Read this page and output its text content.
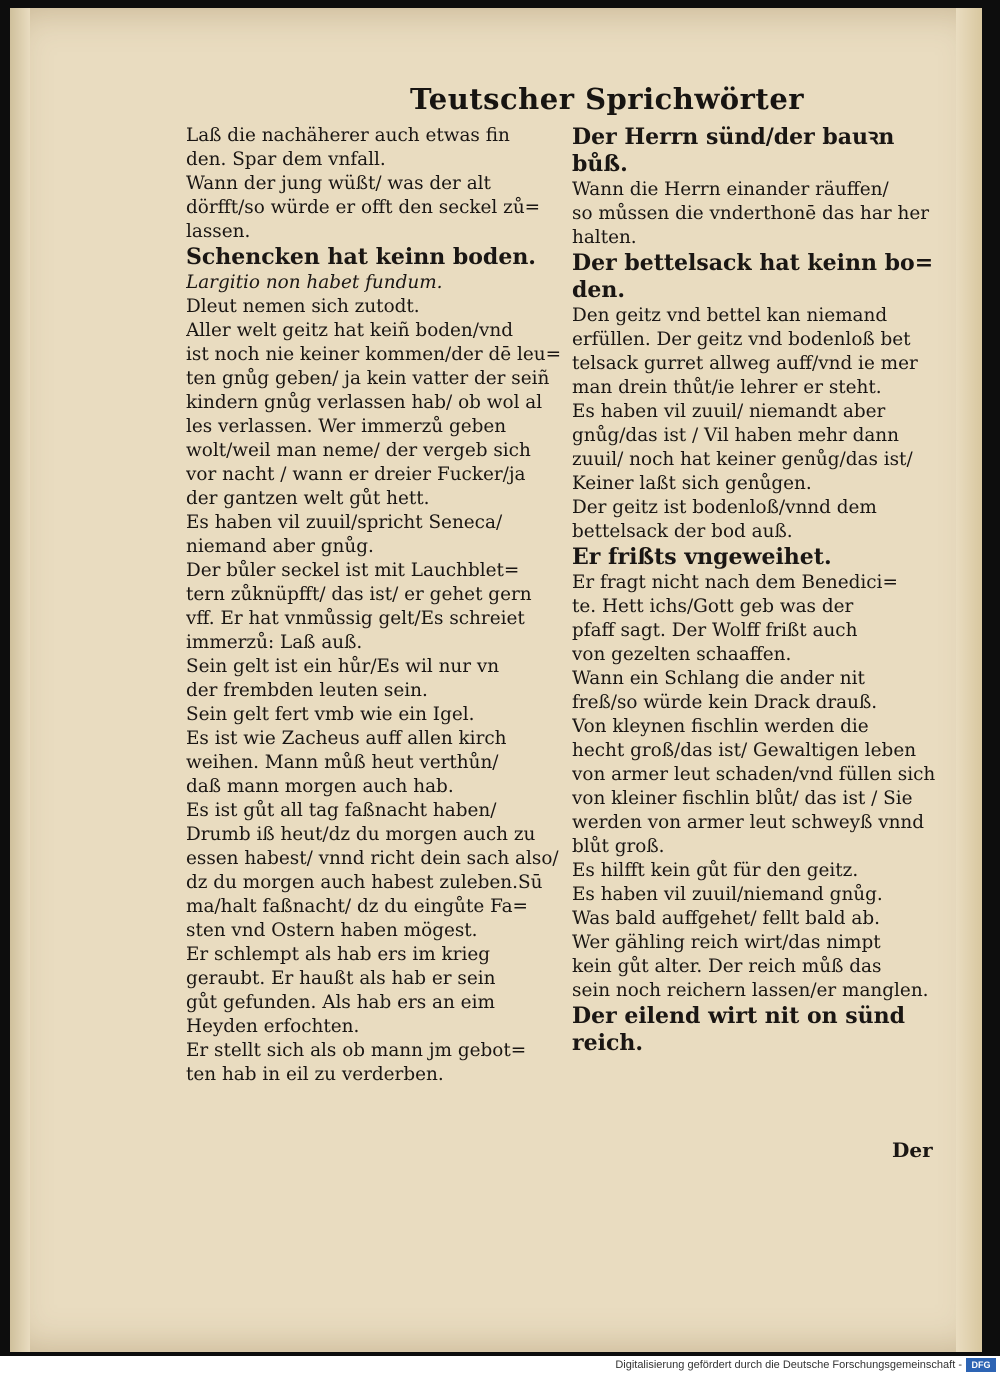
Teutscher Sprichwörter
Laß die nachäherer auch etwas fin
den. Spar dem vnfall.
Wann der jung wüßt/ was der alt
dörfft/so würde er offt den seckel zů=
lassen.
Schencken hat keinn boden.
Largitio non habet fundum.
Dleut nemen sich zutodt.
Aller welt geitz hat keiñ boden/vnd
ist noch nie keiner kommen/der dē leu=
ten gnůg geben/ ja kein vatter der seiñ
kindern gnůg verlassen hab/ ob wol al
les verlassen. Wer immerzů geben
wolt/weil man neme/ der vergeb sich
vor nacht / wann er dreier Fucker/ja
der gantzen welt gůt hett.
Es haben vil zuuil/spricht Seneca/
niemand aber gnůg.
Der bůler seckel ist mit Lauchblet=
tern zůknüpfft/ das ist/ er gehet gern
vff. Er hat vnmůssig gelt/Es schreiet
immerzů: Laß auß.
Sein gelt ist ein hůr/Es wil nur vn
der frembden leuten sein.
Sein gelt fert vmb wie ein Igel.
Es ist wie Zacheus auff allen kirch
weihen. Mann můß heut verthůn/
daß mann morgen auch hab.
Es ist gůt all tag faßnacht haben/
Drumb iß heut/dz du morgen auch zu
essen habest/ vnnd richt dein sach also/
dz du morgen auch habest zuleben.Sū
ma/halt faßnacht/ dz du eingůte Fa=
sten vnd Ostern haben mögest.
Er schlempt als hab ers im krieg
geraubt. Er haußt als hab er sein
gůt gefunden. Als hab ers an eim
Heyden erfochten.
Er stellt sich als ob mann jm gebot=
ten hab in eil zu verderben.
Der Herrn sünd/der bauꝛn
bůß.
Wann die Herrn einander räuffen/
so můssen die vnderthonē das har her
halten.
Der bettelsack hat keinn bo=
den.
Den geitz vnd bettel kan niemand
erfüllen. Der geitz vnd bodenloß bet
telsack gurret allweg auff/vnd ie mer
man drein thůt/ie lehrer er steht.
Es haben vil zuuil/ niemandt aber
gnůg/das ist / Vil haben mehr dann
zuuil/ noch hat keiner genůg/das ist/
Keiner laßt sich genůgen.
Der geitz ist bodenloß/vnnd dem
bettelsack der bod auß.
Er frißts vngeweihet.
Er fragt nicht nach dem Benedici=
te. Hett ichs/Gott geb was der
pfaff sagt. Der Wolff frißt auch
von gezelten schaaffen.
Wann ein Schlang die ander nit
freß/so würde kein Drack drauß.
Von kleynen fischlin werden die
hecht groß/das ist/ Gewaltigen leben
von armer leut schaden/vnd füllen sich
von kleiner fischlin blůt/ das ist / Sie
werden von armer leut schweyß vnnd
blůt groß.
Es hilfft kein gůt für den geitz.
Es haben vil zuuil/niemand gnůg.
Was bald auffgehet/ fellt bald ab.
Wer gähling reich wirt/das nimpt
kein gůt alter. Der reich můß das
sein noch reichern lassen/er manglen.
Der eilend wirt nit on sünd
reich.
Der
Digitalisierung gefördert durch die Deutsche Forschungsgemeinschaft -	DFG
